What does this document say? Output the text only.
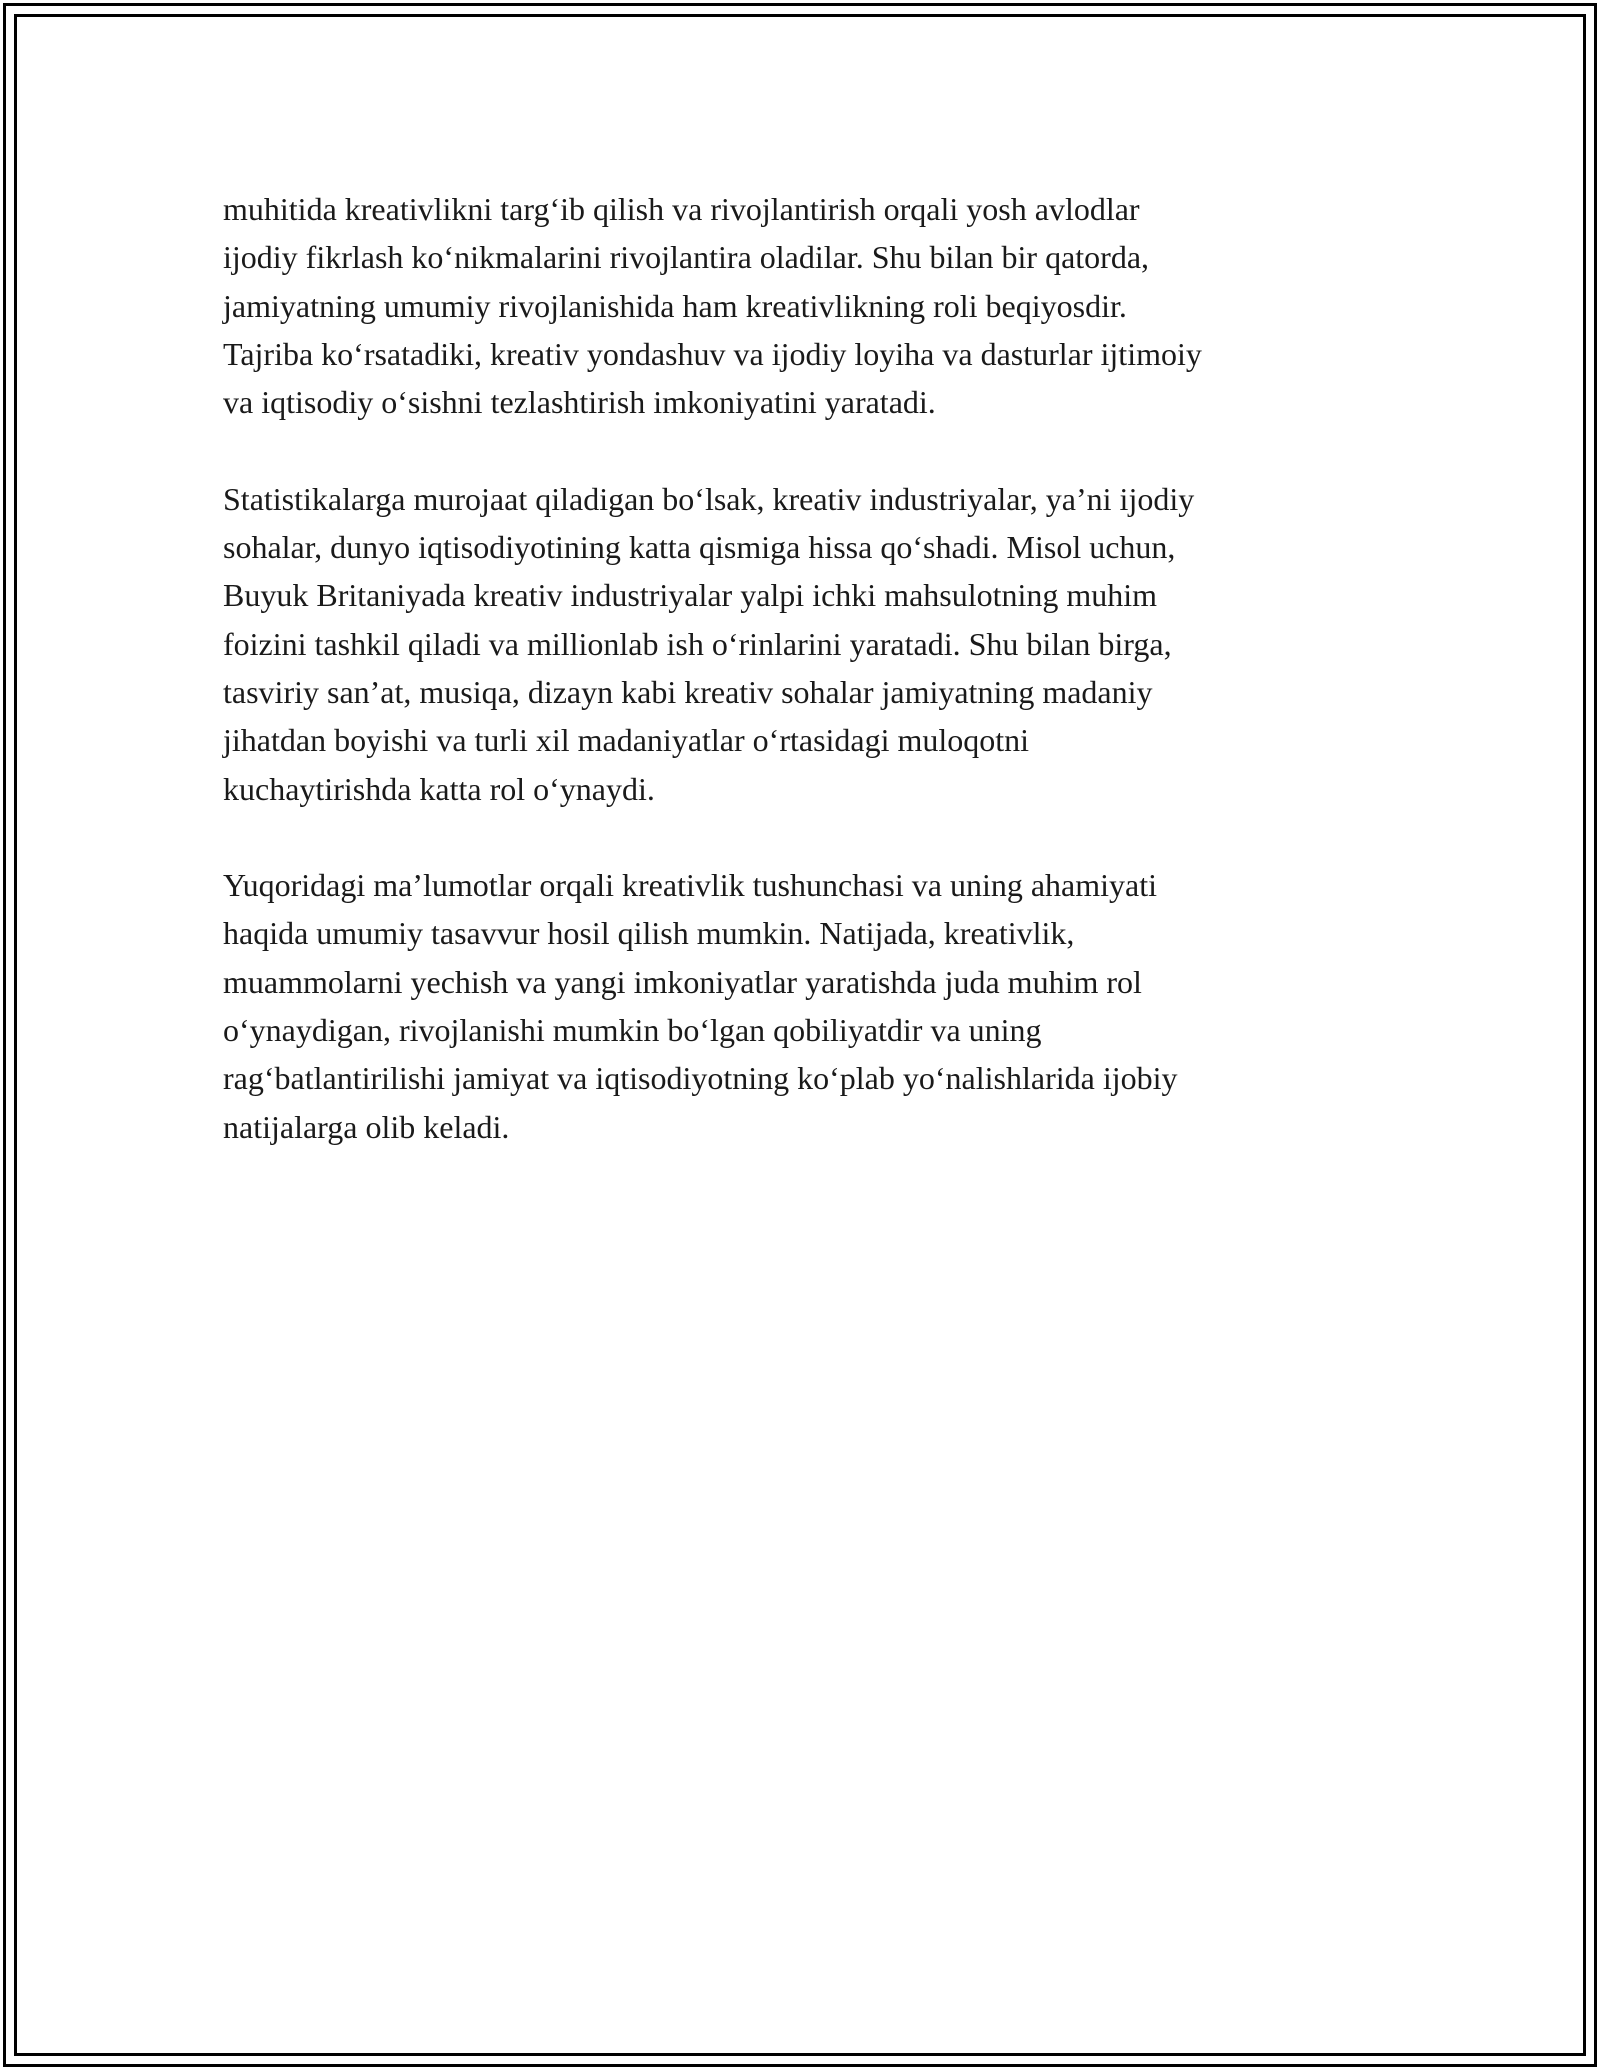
muhitida kreativlikni targ‘ib qilish va rivojlantirish orqali yosh avlodlar
ijodiy fikrlash ko‘nikmalarini rivojlantira oladilar. Shu bilan bir qatorda,
jamiyatning umumiy rivojlanishida ham kreativlikning roli beqiyosdir.
Tajriba ko‘rsatadiki, kreativ yondashuv va ijodiy loyiha va dasturlar ijtimoiy
va iqtisodiy o‘sishni tezlashtirish imkoniyatini yaratadi.

Statistikalarga murojaat qiladigan bo‘lsak, kreativ industriyalar, ya’ni ijodiy
sohalar, dunyo iqtisodiyotining katta qismiga hissa qo‘shadi. Misol uchun,
Buyuk Britaniyada kreativ industriyalar yalpi ichki mahsulotning muhim
foizini tashkil qiladi va millionlab ish o‘rinlarini yaratadi. Shu bilan birga,
tasviriy san’at, musiqa, dizayn kabi kreativ sohalar jamiyatning madaniy
jihatdan boyishi va turli xil madaniyatlar o‘rtasidagi muloqotni
kuchaytirishda katta rol o‘ynaydi.

Yuqoridagi ma’lumotlar orqali kreativlik tushunchasi va uning ahamiyati
haqida umumiy tasavvur hosil qilish mumkin. Natijada, kreativlik,
muammolarni yechish va yangi imkoniyatlar yaratishda juda muhim rol
o‘ynaydigan, rivojlanishi mumkin bo‘lgan qobiliyatdir va uning
rag‘batlantirilishi jamiyat va iqtisodiyotning ko‘plab yo‘nalishlarida ijobiy
natijalarga olib keladi.
